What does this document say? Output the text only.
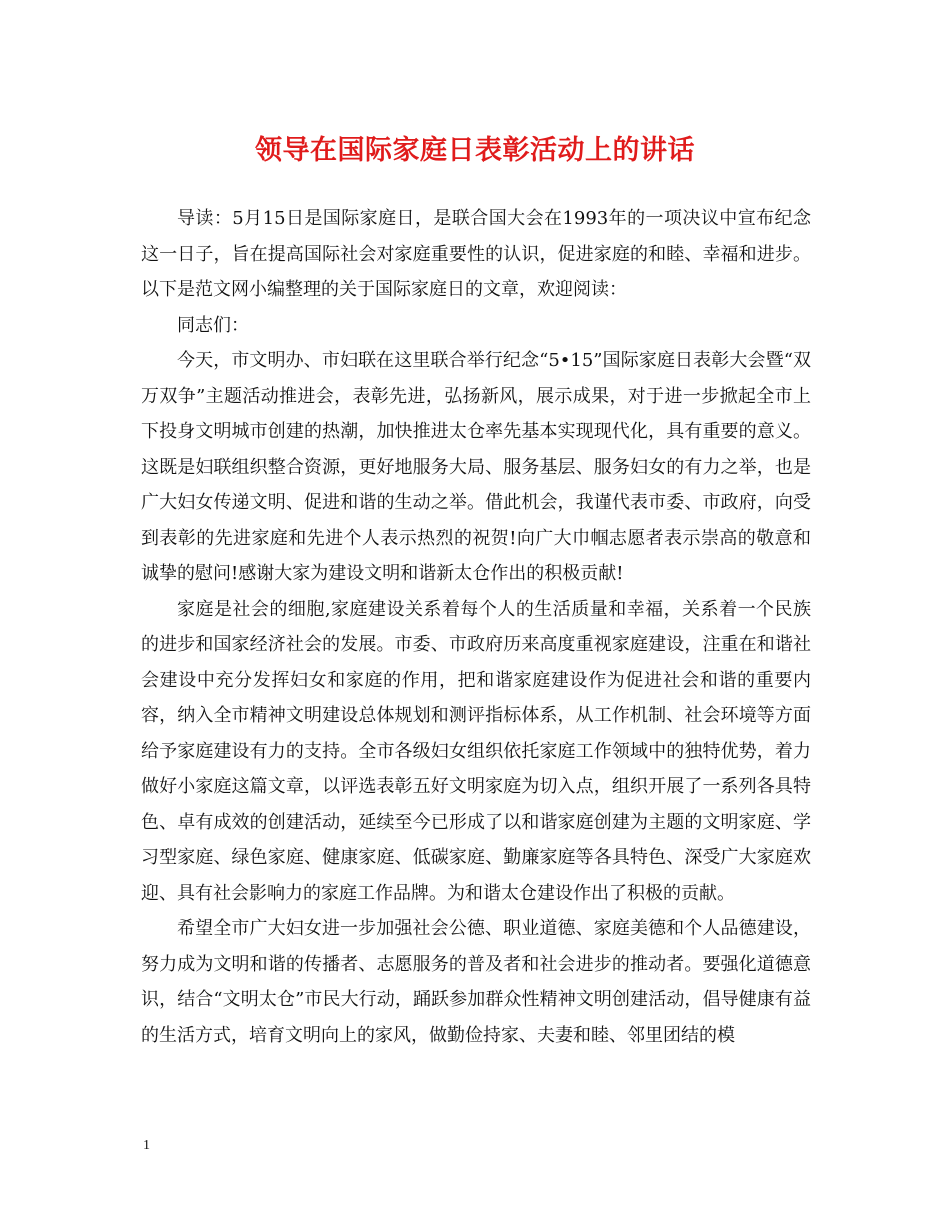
领导在国际家庭日表彰活动上的讲话

导读：5月15日是国际家庭日，是联合国大会在1993年的一项决议中宣布纪念这一日子，旨在提高国际社会对家庭重要性的认识，促进家庭的和睦、幸福和进步。以下是范文网小编整理的关于国际家庭日的文章，欢迎阅读：

同志们：

今天，市文明办、市妇联在这里联合举行纪念“5•15”国际家庭日表彰大会暨“双万双争”主题活动推进会，表彰先进，弘扬新风，展示成果，对于进一步掀起全市上下投身文明城市创建的热潮，加快推进太仓率先基本实现现代化，具有重要的意义。这既是妇联组织整合资源，更好地服务大局、服务基层、服务妇女的有力之举，也是广大妇女传递文明、促进和谐的生动之举。借此机会，我谨代表市委、市政府，向受到表彰的先进家庭和先进个人表示热烈的祝贺!向广大巾帼志愿者表示崇高的敬意和诚挚的慰问!感谢大家为建设文明和谐新太仓作出的积极贡献!

家庭是社会的细胞,家庭建设关系着每个人的生活质量和幸福，关系着一个民族的进步和国家经济社会的发展。市委、市政府历来高度重视家庭建设，注重在和谐社会建设中充分发挥妇女和家庭的作用，把和谐家庭建设作为促进社会和谐的重要内容，纳入全市精神文明建设总体规划和测评指标体系，从工作机制、社会环境等方面给予家庭建设有力的支持。全市各级妇女组织依托家庭工作领域中的独特优势，着力做好小家庭这篇文章，以评选表彰五好文明家庭为切入点，组织开展了一系列各具特色、卓有成效的创建活动，延续至今已形成了以和谐家庭创建为主题的文明家庭、学习型家庭、绿色家庭、健康家庭、低碳家庭、勤廉家庭等各具特色、深受广大家庭欢迎、具有社会影响力的家庭工作品牌。为和谐太仓建设作出了积极的贡献。

希望全市广大妇女进一步加强社会公德、职业道德、家庭美德和个人品德建设，努力成为文明和谐的传播者、志愿服务的普及者和社会进步的推动者。要强化道德意识，结合“文明太仓”市民大行动，踊跃参加群众性精神文明创建活动，倡导健康有益的生活方式，培育文明向上的家风，做勤俭持家、夫妻和睦、邻里团结的模

1
